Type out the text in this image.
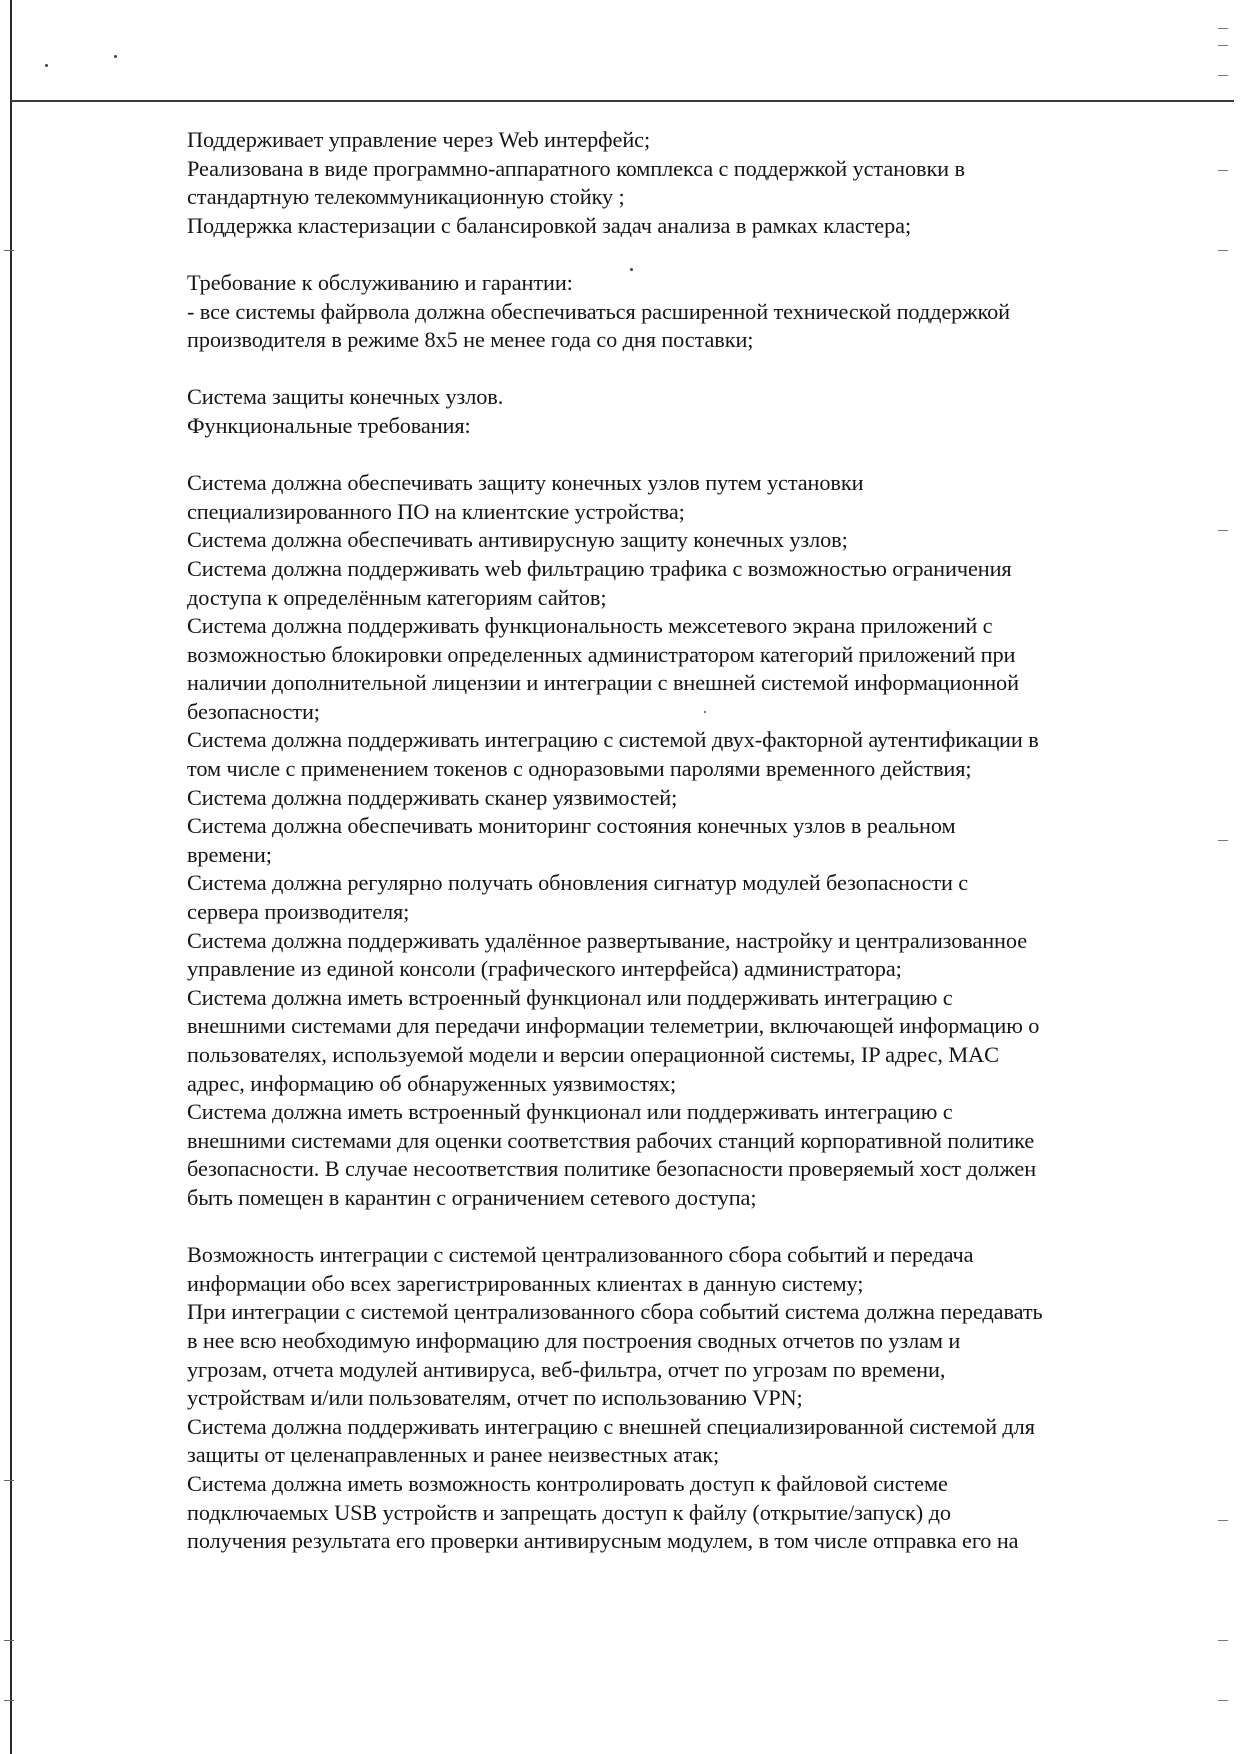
Поддерживает управление через Web интерфейс;
Реализована в виде программно-аппаратного комплекса с поддержкой установки в
стандартную телекоммуникационную стойку ;
Поддержка кластеризации с балансировкой задач анализа в рамках кластера;
Требование к обслуживанию и гарантии:
- все системы файрвола должна обеспечиваться расширенной технической поддержкой
производителя в режиме 8х5 не менее года со дня поставки;
Система защиты конечных узлов.
Функциональные требования:
Система должна обеспечивать защиту конечных узлов путем установки
специализированного ПО на клиентские устройства;
Система должна обеспечивать антивирусную защиту конечных узлов;
Система должна поддерживать web фильтрацию трафика с возможностью ограничения
доступа к определённым категориям сайтов;
Система должна поддерживать функциональность межсетевого экрана приложений с
возможностью блокировки определенных администратором категорий приложений при
наличии дополнительной лицензии и интеграции с внешней системой информационной
безопасности;
Система должна поддерживать интеграцию с системой двух-факторной аутентификации в
том числе с применением токенов с одноразовыми паролями временного действия;
Система должна поддерживать сканер уязвимостей;
Система должна обеспечивать мониторинг состояния конечных узлов в реальном
времени;
Система должна регулярно получать обновления сигнатур модулей безопасности с
сервера производителя;
Система должна поддерживать удалённое развертывание, настройку и централизованное
управление из единой консоли (графического интерфейса) администратора;
Система должна иметь встроенный функционал или поддерживать интеграцию с
внешними системами для передачи информации телеметрии, включающей информацию о
пользователях, используемой модели и версии операционной системы, IP адрес, MAC
адрес, информацию об обнаруженных уязвимостях;
Система должна иметь встроенный функционал или поддерживать интеграцию с
внешними системами для оценки соответствия рабочих станций корпоративной политике
безопасности. В случае несоответствия политике безопасности проверяемый хост должен
быть помещен в карантин с ограничением сетевого доступа;
Возможность интеграции с системой централизованного сбора событий и передача
информации обо всех зарегистрированных клиентах в данную систему;
При интеграции с системой централизованного сбора событий система должна передавать
в нее всю необходимую информацию для построения сводных отчетов по узлам и
угрозам, отчета модулей антивируса, веб-фильтра, отчет по угрозам по времени,
устройствам и/или пользователям, отчет по использованию VPN;
Система должна поддерживать интеграцию с внешней специализированной системой для
защиты от целенаправленных и ранее неизвестных атак;
Система должна иметь возможность контролировать доступ к файловой системе
подключаемых USB устройств и запрещать доступ к файлу (открытие/запуск) до
получения результата его проверки антивирусным модулем, в том числе отправка его на
